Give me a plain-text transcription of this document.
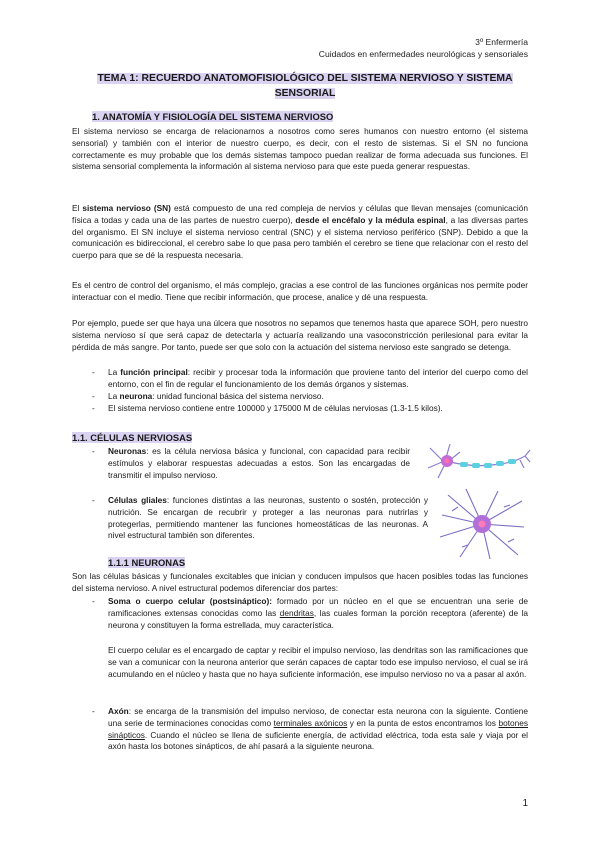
3º Enfermería
Cuidados en enfermedades neurológicas y sensoriales
TEMA 1: RECUERDO ANATOMOFISIOLÓGICO DEL SISTEMA NERVIOSO Y SISTEMA SENSORIAL
1. ANATOMÍA Y FISIOLOGÍA DEL SISTEMA NERVIOSO
El sistema nervioso se encarga de relacionarnos a nosotros como seres humanos con nuestro entorno (el sistema sensorial) y también con el interior de nuestro cuerpo, es decir, con el resto de sistemas. Si el SN no funciona correctamente es muy probable que los demás sistemas tampoco puedan realizar de forma adecuada sus funciones. El sistema sensorial complementa la información al sistema nervioso para que este pueda generar respuestas.
El sistema nervioso (SN) está compuesto de una red compleja de nervios y células que llevan mensajes (comunicación física a todas y cada una de las partes de nuestro cuerpo), desde el encéfalo y la médula espinal, a las diversas partes del organismo. El SN incluye el sistema nervioso central (SNC) y el sistema nervioso periférico (SNP). Debido a que la comunicación es bidireccional, el cerebro sabe lo que pasa pero también el cerebro se tiene que relacionar con el resto del cuerpo para que se dé la respuesta necesaria.
Es el centro de control del organismo, el más complejo, gracias a ese control de las funciones orgánicas nos permite poder interactuar con el medio. Tiene que recibir información, que procese, analice y dé una respuesta.
Por ejemplo, puede ser que haya una úlcera que nosotros no sepamos que tenemos hasta que aparece SOH, pero nuestro sistema nervioso sí que será capaz de detectarla y actuaría realizando una vasoconstricción perilesional para evitar la pérdida de más sangre. Por tanto, puede ser que solo con la actuación del sistema nervioso este sangrado se detenga.
- La función principal: recibir y procesar toda la información que proviene tanto del interior del cuerpo como del entorno, con el fin de regular el funcionamiento de los demás órganos y sistemas.
- La neurona: unidad funcional básica del sistema nervioso.
- El sistema nervioso contiene entre 100000 y 175000 M de células nerviosas (1.3-1.5 kilos).
1.1. CÉLULAS NERVIOSAS
- Neuronas: es la célula nerviosa básica y funcional, con capacidad para recibir estímulos y elaborar respuestas adecuadas a estos. Son las encargadas de transmitir el impulso nervioso.
- Células gliales: funciones distintas a las neuronas, sustento o sostén, protección y nutrición. Se encargan de recubrir y proteger a las neuronas para nutrirlas y protegerlas, permitiendo mantener las funciones homeostáticas de las neuronas. A nivel estructural también son diferentes.
1.1.1 NEURONAS
Son las células básicas y funcionales excitables que inician y conducen impulsos que hacen posibles todas las funciones del sistema nervioso. A nivel estructural podemos diferenciar dos partes:
- Soma o cuerpo celular (postsináptico): formado por un núcleo en el que se encuentran una serie de ramificaciones extensas conocidas como las dendritas, las cuales forman la porción receptora (aferente) de la neurona y constituyen la forma estrellada, muy característica.
El cuerpo celular es el encargado de captar y recibir el impulso nervioso, las dendritas son las ramificaciones que se van a comunicar con la neurona anterior que serán capaces de captar todo ese impulso nervioso, el cual se irá acumulando en el núcleo y hasta que no haya suficiente información, ese impulso nervioso no va a pasar al axón.
- Axón: se encarga de la transmisión del impulso nervioso, de conectar esta neurona con la siguiente. Contiene una serie de terminaciones conocidas como terminales axónicos y en la punta de estos encontramos los botones sinápticos. Cuando el núcleo se llena de suficiente energía, de actividad eléctrica, toda esta sale y viaja por el axón hasta los botones sinápticos, de ahí pasará a la siguiente neurona.
1
